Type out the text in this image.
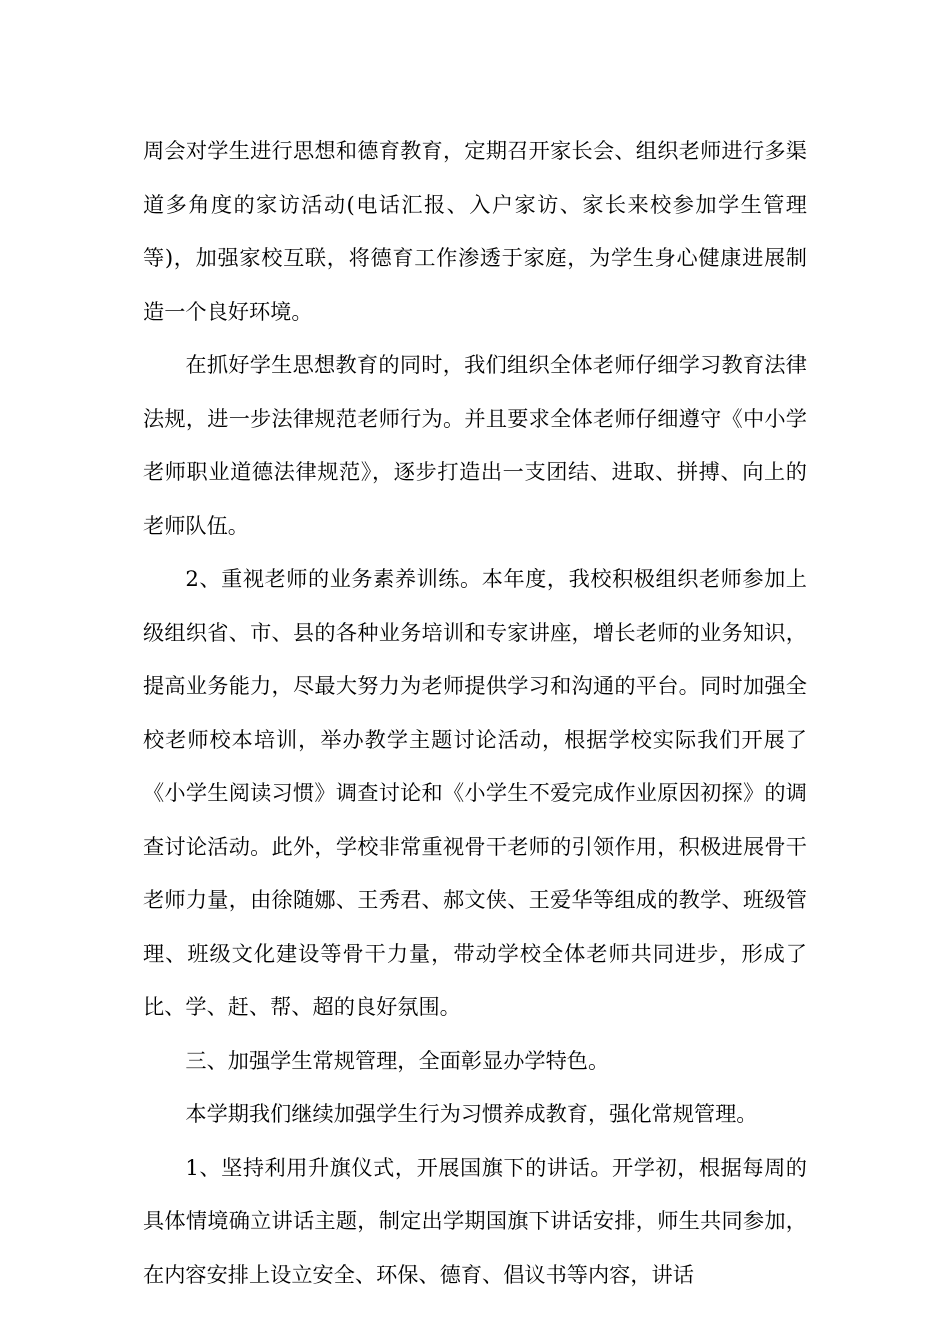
周会对学生进行思想和德育教育，定期召开家长会、组织老师进行多渠道多角度的家访活动(电话汇报、入户家访、家长来校参加学生管理等)，加强家校互联，将德育工作渗透于家庭，为学生身心健康进展制造一个良好环境。

在抓好学生思想教育的同时，我们组织全体老师仔细学习教育法律法规，进一步法律规范老师行为。并且要求全体老师仔细遵守《中小学老师职业道德法律规范》，逐步打造出一支团结、进取、拼搏、向上的老师队伍。

2、重视老师的业务素养训练。本年度，我校积极组织老师参加上级组织省、市、县的各种业务培训和专家讲座，增长老师的业务知识，提高业务能力，尽最大努力为老师提供学习和沟通的平台。同时加强全校老师校本培训，举办教学主题讨论活动，根据学校实际我们开展了《小学生阅读习惯》调查讨论和《小学生不爱完成作业原因初探》的调查讨论活动。此外，学校非常重视骨干老师的引领作用，积极进展骨干老师力量，由徐随娜、王秀君、郝文侠、王爱华等组成的教学、班级管理、班级文化建设等骨干力量，带动学校全体老师共同进步，形成了比、学、赶、帮、超的良好氛围。

三、加强学生常规管理，全面彰显办学特色。

本学期我们继续加强学生行为习惯养成教育，强化常规管理。

1、坚持利用升旗仪式，开展国旗下的讲话。开学初，根据每周的具体情境确立讲话主题，制定出学期国旗下讲话安排，师生共同参加，在内容安排上设立安全、环保、德育、倡议书等内容，讲话
